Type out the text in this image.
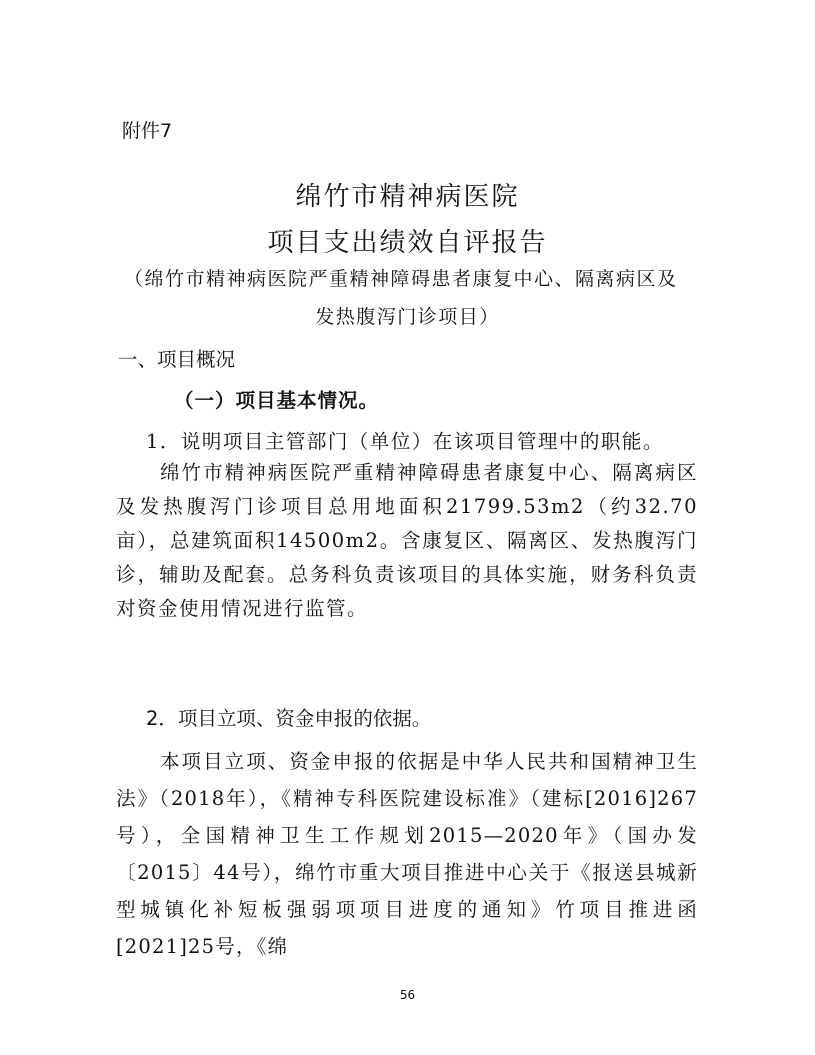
附件7
绵竹市精神病医院
项目支出绩效自评报告
（绵竹市精神病医院严重精神障碍患者康复中心、隔离病区及
发热腹泻门诊项目）
一、项目概况
（一）项目基本情况。
1．说明项目主管部门（单位）在该项目管理中的职能。
绵竹市精神病医院严重精神障碍患者康复中心、隔离病区及发热腹泻门诊项目总用地面积21799.53m2（约32.70亩），总建筑面积14500m2。含康复区、隔离区、发热腹泻门诊，辅助及配套。总务科负责该项目的具体实施，财务科负责对资金使用情况进行监管。
2．项目立项、资金申报的依据。
本项目立项、资金申报的依据是中华人民共和国精神卫生法》（2018年），《精神专科医院建设标准》（建标[2016]267号），全国精神卫生工作规划2015—2020年》（国办发〔2015〕44号），绵竹市重大项目推进中心关于《报送县城新型城镇化补短板强弱项项目进度的通知》竹项目推进函[2021]25号，《绵
56
